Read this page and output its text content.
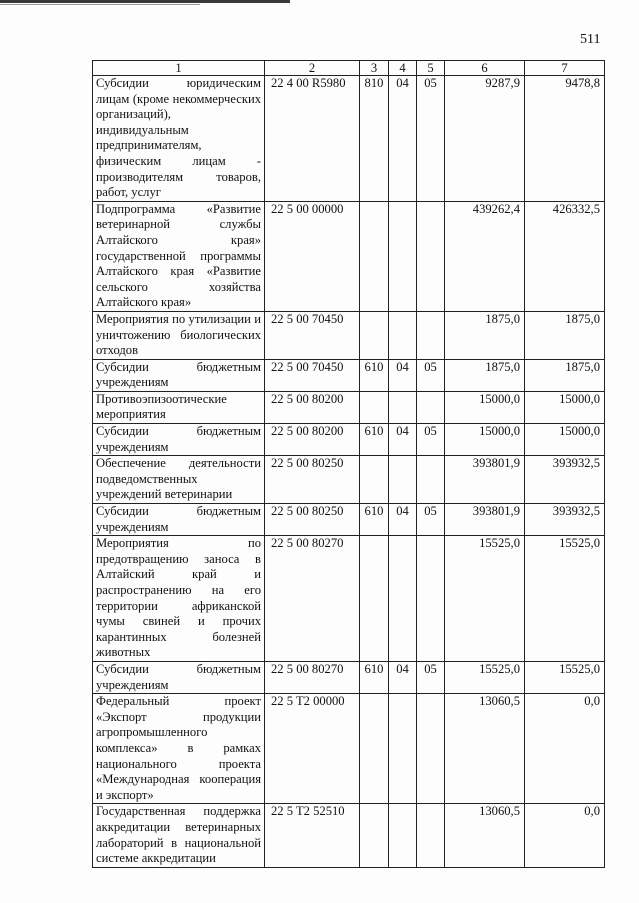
511
1	2	3	4	5	6	7
Субсидии юридическим лицам (кроме некоммерческих организаций), индивидуальным предпринимателям, физическим лицам - производителям товаров, работ, услуг	22 4 00 R5980	810	04	05	9287,9	9478,8
Подпрограмма «Развитие ветеринарной службы Алтайского края» государственной программы Алтайского края «Развитие сельского хозяйства Алтайского края»	22 5 00 00000				439262,4	426332,5
Мероприятия по утилизации и уничтожению биологических отходов	22 5 00 70450				1875,0	1875,0
Субсидии бюджетным учреждениям	22 5 00 70450	610	04	05	1875,0	1875,0
Противоэпизоотические мероприятия	22 5 00 80200				15000,0	15000,0
Субсидии бюджетным учреждениям	22 5 00 80200	610	04	05	15000,0	15000,0
Обеспечение деятельности подведомственных учреждений ветеринарии	22 5 00 80250				393801,9	393932,5
Субсидии бюджетным учреждениям	22 5 00 80250	610	04	05	393801,9	393932,5
Мероприятия по предотвращению заноса в Алтайский край и распространению на его территории африканской чумы свиней и прочих карантинных болезней животных	22 5 00 80270				15525,0	15525,0
Субсидии бюджетным учреждениям	22 5 00 80270	610	04	05	15525,0	15525,0
Федеральный проект «Экспорт продукции агропромышленного комплекса» в рамках национального проекта «Международная кооперация и экспорт»	22 5 T2 00000				13060,5	0,0
Государственная поддержка аккредитации ветеринарных лабораторий в национальной системе аккредитации	22 5 T2 52510				13060,5	0,0
